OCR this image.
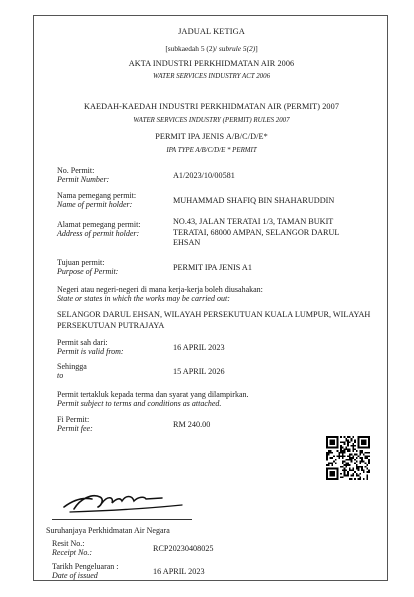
JADUAL KETIGA
[subkaedah 5 (2)/ subrule 5(2)]
AKTA INDUSTRI PERKHIDMATAN AIR 2006
WATER SERVICES INDUSTRY ACT 2006
KAEDAH-KAEDAH INDUSTRI PERKHIDMATAN AIR (PERMIT) 2007
WATER SERVICES INDUSTRY (PERMIT) RULES 2007
PERMIT IPA JENIS A/B/C/D/E*
IPA TYPE A/B/C/D/E * PERMIT
No. Permit:
Permit Number:	A1/2023/10/00581
Nama pemegang permit:
Name of permit holder:	MUHAMMAD SHAFIQ BIN SHAHARUDDIN
Alamat pemegang permit:
Address of permit holder:
NO.43, JALAN TERATAI 1/3, TAMAN BUKIT TERATAI, 68000 AMPAN, SELANGOR DARUL EHSAN
Tujuan permit:
Purpose of Permit:	PERMIT IPA JENIS A1
Negeri atau negeri-negeri di mana kerja-kerja boleh diusahakan:
State or states in which the works may be carried out:
SELANGOR DARUL EHSAN, WILAYAH PERSEKUTUAN KUALA LUMPUR, WILAYAH PERSEKUTUAN PUTRAJAYA
Permit sah dari:
Permit is valid from:	16 APRIL 2023
Sehingga
to	15 APRIL 2026
Permit tertakluk kepada terma dan syarat yang dilampirkan.
Permit subject to terms and conditions as attached.
Fi Permit:
Permit fee:	RM 240.00
Suruhanjaya Perkhidmatan Air Negara
Resit No.:
Receipt No.:	RCP20230408025
Tarikh Pengeluaran :
Date of issued	16 APRIL 2023
